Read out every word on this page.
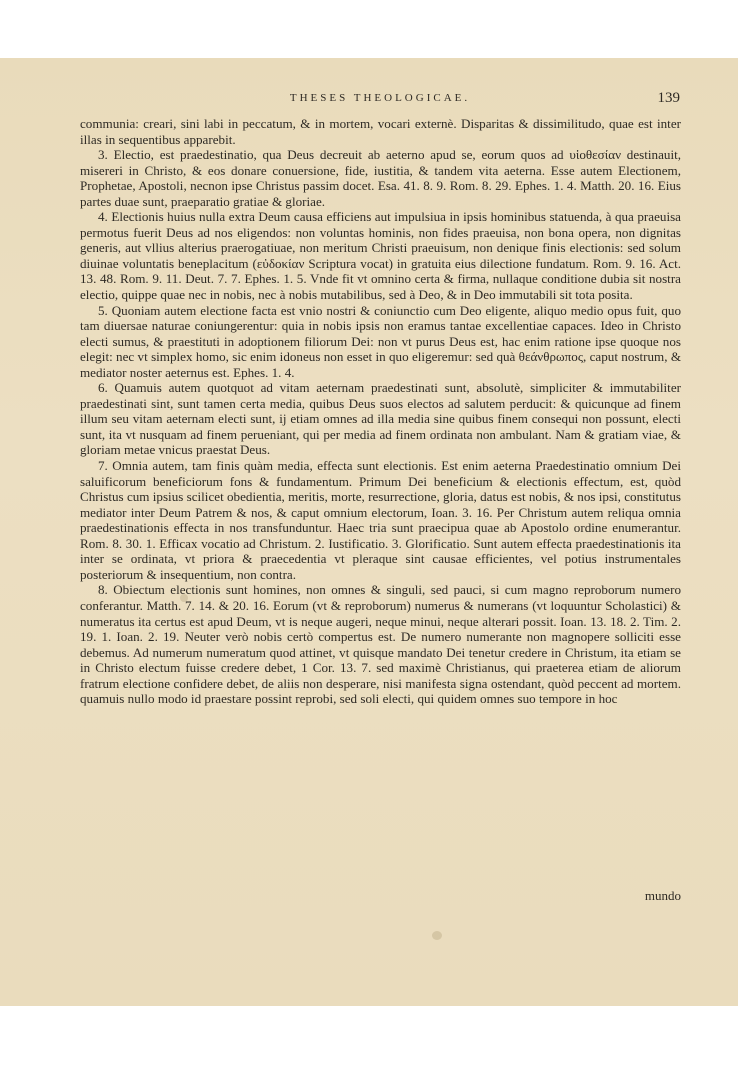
THESES THEOLOGICAE.	139

communia: creari, sini labi in peccatum, & in mortem, vocari externè. Disparitas & dissimilitudo, quae est inter illas in sequentibus apparebit.

3. Electio, est praedestinatio, qua Deus decreuit ab aeterno apud se, eorum quos ad υἱοθεσίαν destinauit, misereri in Christo, & eos donare conuersione, fide, iustitia, & tandem vita aeterna. Esse autem Electionem, Prophetae, Apostoli, necnon ipse Christus passim docet. Esa. 41. 8. 9. Rom. 8. 29. Ephes. 1. 4. Matth. 20. 16. Eius partes duae sunt, praeparatio gratiae & gloriae.

4. Electionis huius nulla extra Deum causa efficiens aut impulsiua in ipsis hominibus statuenda, à qua praeuisa permotus fuerit Deus ad nos eligendos: non voluntas hominis, non fides praeuisa, non bona opera, non dignitas generis, aut vllius alterius praerogatiuae, non meritum Christi praeuisum, non denique finis electionis: sed solum diuinae voluntatis beneplacitum (εὐδοκίαν Scriptura vocat) in gratuita eius dilectione fundatum. Rom. 9. 16. Act. 13. 48. Rom. 9. 11. Deut. 7. 7. Ephes. 1. 5. Vnde fit vt omnino certa & firma, nullaque conditione dubia sit nostra electio, quippe quae nec in nobis, nec à nobis mutabilibus, sed à Deo, & in Deo immutabili sit tota posita.

5. Quoniam autem electione facta est vnio nostri & coniunctio cum Deo eligente, aliquo medio opus fuit, quo tam diuersae naturae coniungerentur: quia in nobis ipsis non eramus tantae excellentiae capaces. Ideo in Christo electi sumus, & praestituti in adoptionem filiorum Dei: non vt purus Deus est, hac enim ratione ipse quoque nos elegit: nec vt simplex homo, sic enim idoneus non esset in quo eligeremur: sed quà θεάνθρωπος, caput nostrum, & mediator noster aeternus est. Ephes. 1. 4.

6. Quamuis autem quotquot ad vitam aeternam praedestinati sunt, absolutè, simpliciter & immutabiliter praedestinati sint, sunt tamen certa media, quibus Deus suos electos ad salutem perducit: & quicunque ad finem illum seu vitam aeternam electi sunt, ij etiam omnes ad illa media sine quibus finem consequi non possunt, electi sunt, ita vt nusquam ad finem perueniant, qui per media ad finem ordinata non ambulant. Nam & gratiam viae, & gloriam metae vnicus praestat Deus.

7. Omnia autem, tam finis quàm media, effecta sunt electionis. Est enim aeterna Praedestinatio omnium Dei saluificorum beneficiorum fons & fundamentum. Primum Dei beneficium & electionis effectum, est, quòd Christus cum ipsius scilicet obedientia, meritis, morte, resurrectione, gloria, datus est nobis, & nos ipsi, constitutus mediator inter Deum Patrem & nos, & caput omnium electorum, Ioan. 3. 16. Per Christum autem reliqua omnia praedestinationis effecta in nos transfunduntur. Haec tria sunt praecipua quae ab Apostolo ordine enumerantur. Rom. 8. 30. 1. Efficax vocatio ad Christum. 2. Iustificatio. 3. Glorificatio. Sunt autem effecta praedestinationis ita inter se ordinata, vt priora & praecedentia vt pleraque sint causae efficientes, vel potius instrumentales posteriorum & insequentium, non contra.

8. Obiectum electionis sunt homines, non omnes & singuli, sed pauci, si cum magno reproborum numero conferantur. Matth. 7. 14. & 20. 16. Eorum (vt & reproborum) numerus & numerans (vt loquuntur Scholastici) & numeratus ita certus est apud Deum, vt is neque augeri, neque minui, neque alterari possit. Ioan. 13. 18. 2. Tim. 2. 19. 1. Ioan. 2. 19. Neuter verò nobis certò compertus est. De numero numerante non magnopere solliciti esse debemus. Ad numerum numeratum quod attinet, vt quisque mandato Dei tenetur credere in Christum, ita etiam se in Christo electum fuisse credere debet, 1 Cor. 13. 7. sed maximè Christianus, qui praeterea etiam de aliorum fratrum electione confidere debet, de aliis non desperare, nisi manifesta signa ostendant, quòd peccent ad mortem. quamuis nullo modo id praestare possint reprobi, sed soli electi, qui quidem omnes suo tempore in hoc

mundo
